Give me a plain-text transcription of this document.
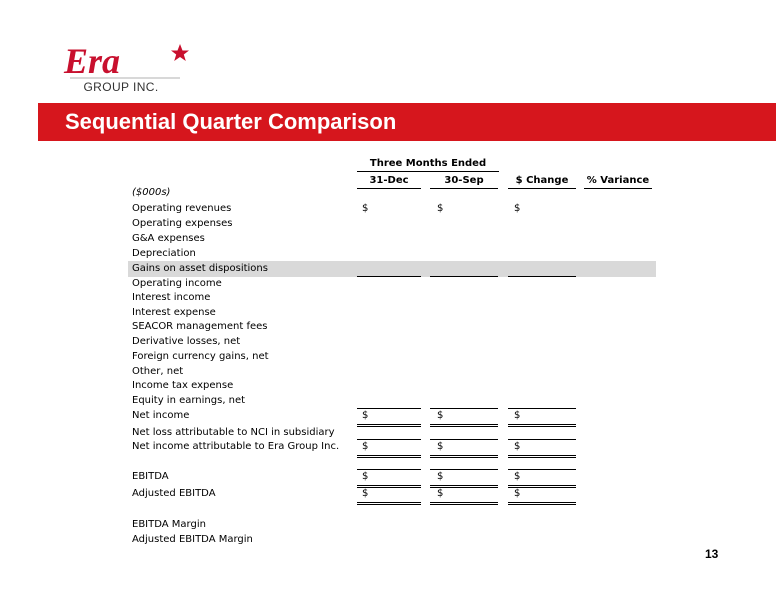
Era
GROUP INC.
Sequential Quarter Comparison
Three Months Ended
31-Dec	30-Sep	$ Change	% Variance
($000s)
Operating revenues	$	$	$
Operating expenses
G&A expenses
Depreciation
Gains on asset dispositions
Operating income
Interest income
Interest expense
SEACOR management fees
Derivative losses, net
Foreign currency gains, net
Other, net
Income tax expense
Equity in earnings, net
Net income	$	$	$
Net loss attributable to NCI in subsidiary
Net income attributable to Era Group Inc. $	$	$
EBITDA	$	$	$
Adjusted EBITDA	$	$	$
EBITDA Margin
Adjusted EBITDA Margin
13
